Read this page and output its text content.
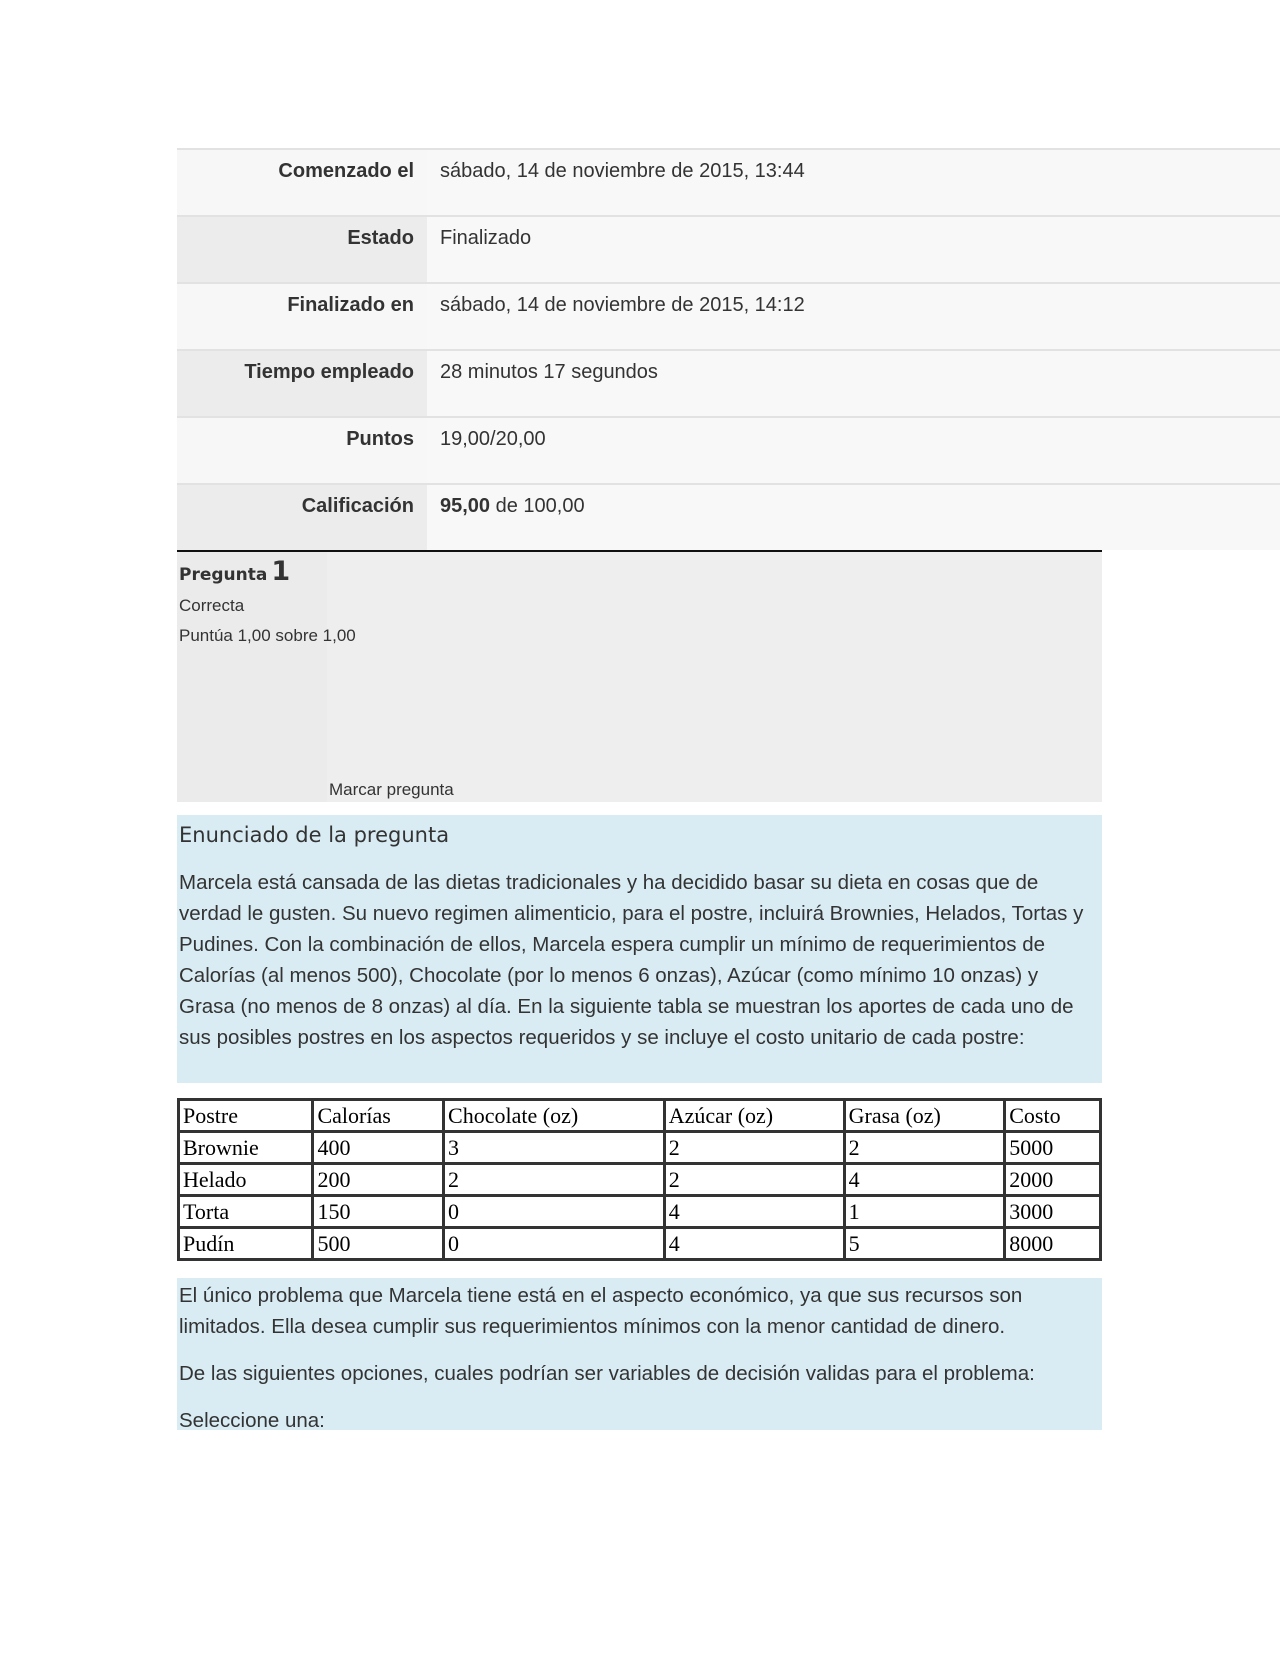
Comenzado el	sábado, 14 de noviembre de 2015, 13:44
Estado	Finalizado
Finalizado en	sábado, 14 de noviembre de 2015, 14:12
Tiempo empleado	28 minutos 17 segundos
Puntos	19,00/20,00
Calificación	95,00 de 100,00
Pregunta 1
Correcta
Puntúa 1,00 sobre 1,00
Marcar pregunta
Enunciado de la pregunta
Marcela está cansada de las dietas tradicionales y ha decidido basar su dieta en cosas que de verdad le gusten. Su nuevo regimen alimenticio, para el postre, incluirá Brownies, Helados, Tortas y Pudines. Con la combinación de ellos, Marcela espera cumplir un mínimo de requerimientos de Calorías (al menos 500), Chocolate (por lo menos 6 onzas), Azúcar (como mínimo 10 onzas) y Grasa (no menos de 8 onzas) al día. En la siguiente tabla se muestran los aportes de cada uno de sus posibles postres en los aspectos requeridos y se incluye el costo unitario de cada postre:
Postre	Calorías	Chocolate (oz)	Azúcar (oz)	Grasa (oz)	Costo
Brownie	400	3	2	2	5000
Helado	200	2	2	4	2000
Torta	150	0	4	1	3000
Pudín	500	0	4	5	8000
El único problema que Marcela tiene está en el aspecto económico, ya que sus recursos son limitados. Ella desea cumplir sus requerimientos mínimos con la menor cantidad de dinero.
De las siguientes opciones, cuales podrían ser variables de decisión validas para el problema:
Seleccione una:
